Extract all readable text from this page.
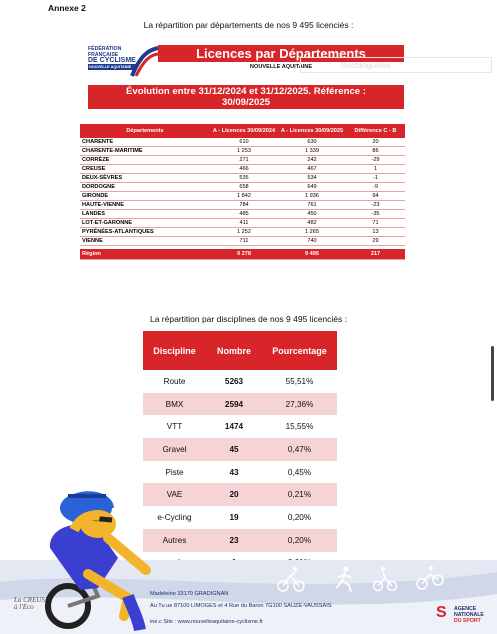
Annexe 2
La répartition par départements de nos 9 495 licenciés :
FÉDÉRATION
FRANÇAISE
DE CYCLISME
NOUVELLE AQUITAINE
Licences par Départements
NOUVELLE AQUITAINE	Rectangulaire
Évolution entre 31/12/2024 et 31/12/2025. Référence :
30/09/2025
Départements	A - Licences 30/09/2024	A - Licences 30/09/2025	Différence C - B
CHARENTE	610	630	20
CHARENTE-MARITIME	1 253	1 339	86
CORRÈZE	271	242	-29
CREUSE	466	467	1
DEUX-SÈVRES	535	534	-1
DORDOGNE	658	649	-9
GIRONDE	1 842	1 936	94
HAUTE-VIENNE	784	761	-23
LANDES	485	450	-35
LOT-ET-GARONNE	411	482	71
PYRÉNÉES-ATLANTIQUES	1 252	1 265	13
VIENNE	711	740	29

Région	9 278	9 495	217
La répartition par disciplines de nos 9 495 licenciés :
Discipline	Nombre	Pourcentage
Route	5263	55,51%
BMX	2594	27,36%
VTT	1474	15,55%
Gravel	45	0,47%
Piste	43	0,45%
VAE	20	0,21%
e-Cycling	19	0,20%
Autres	23	0,20%

La CREUSE
à l'Eco
Madeleine 33170 GRADIGNAN
Au Tu ue 87100 LIMOGES et 4 Rue du Baron 7G100 SAUZE-VAUSSAIS
ine.c Site : www.nouvelleaquitaine-cyclisme.fr
S AGENCE
NATIONALE
DU SPORT
